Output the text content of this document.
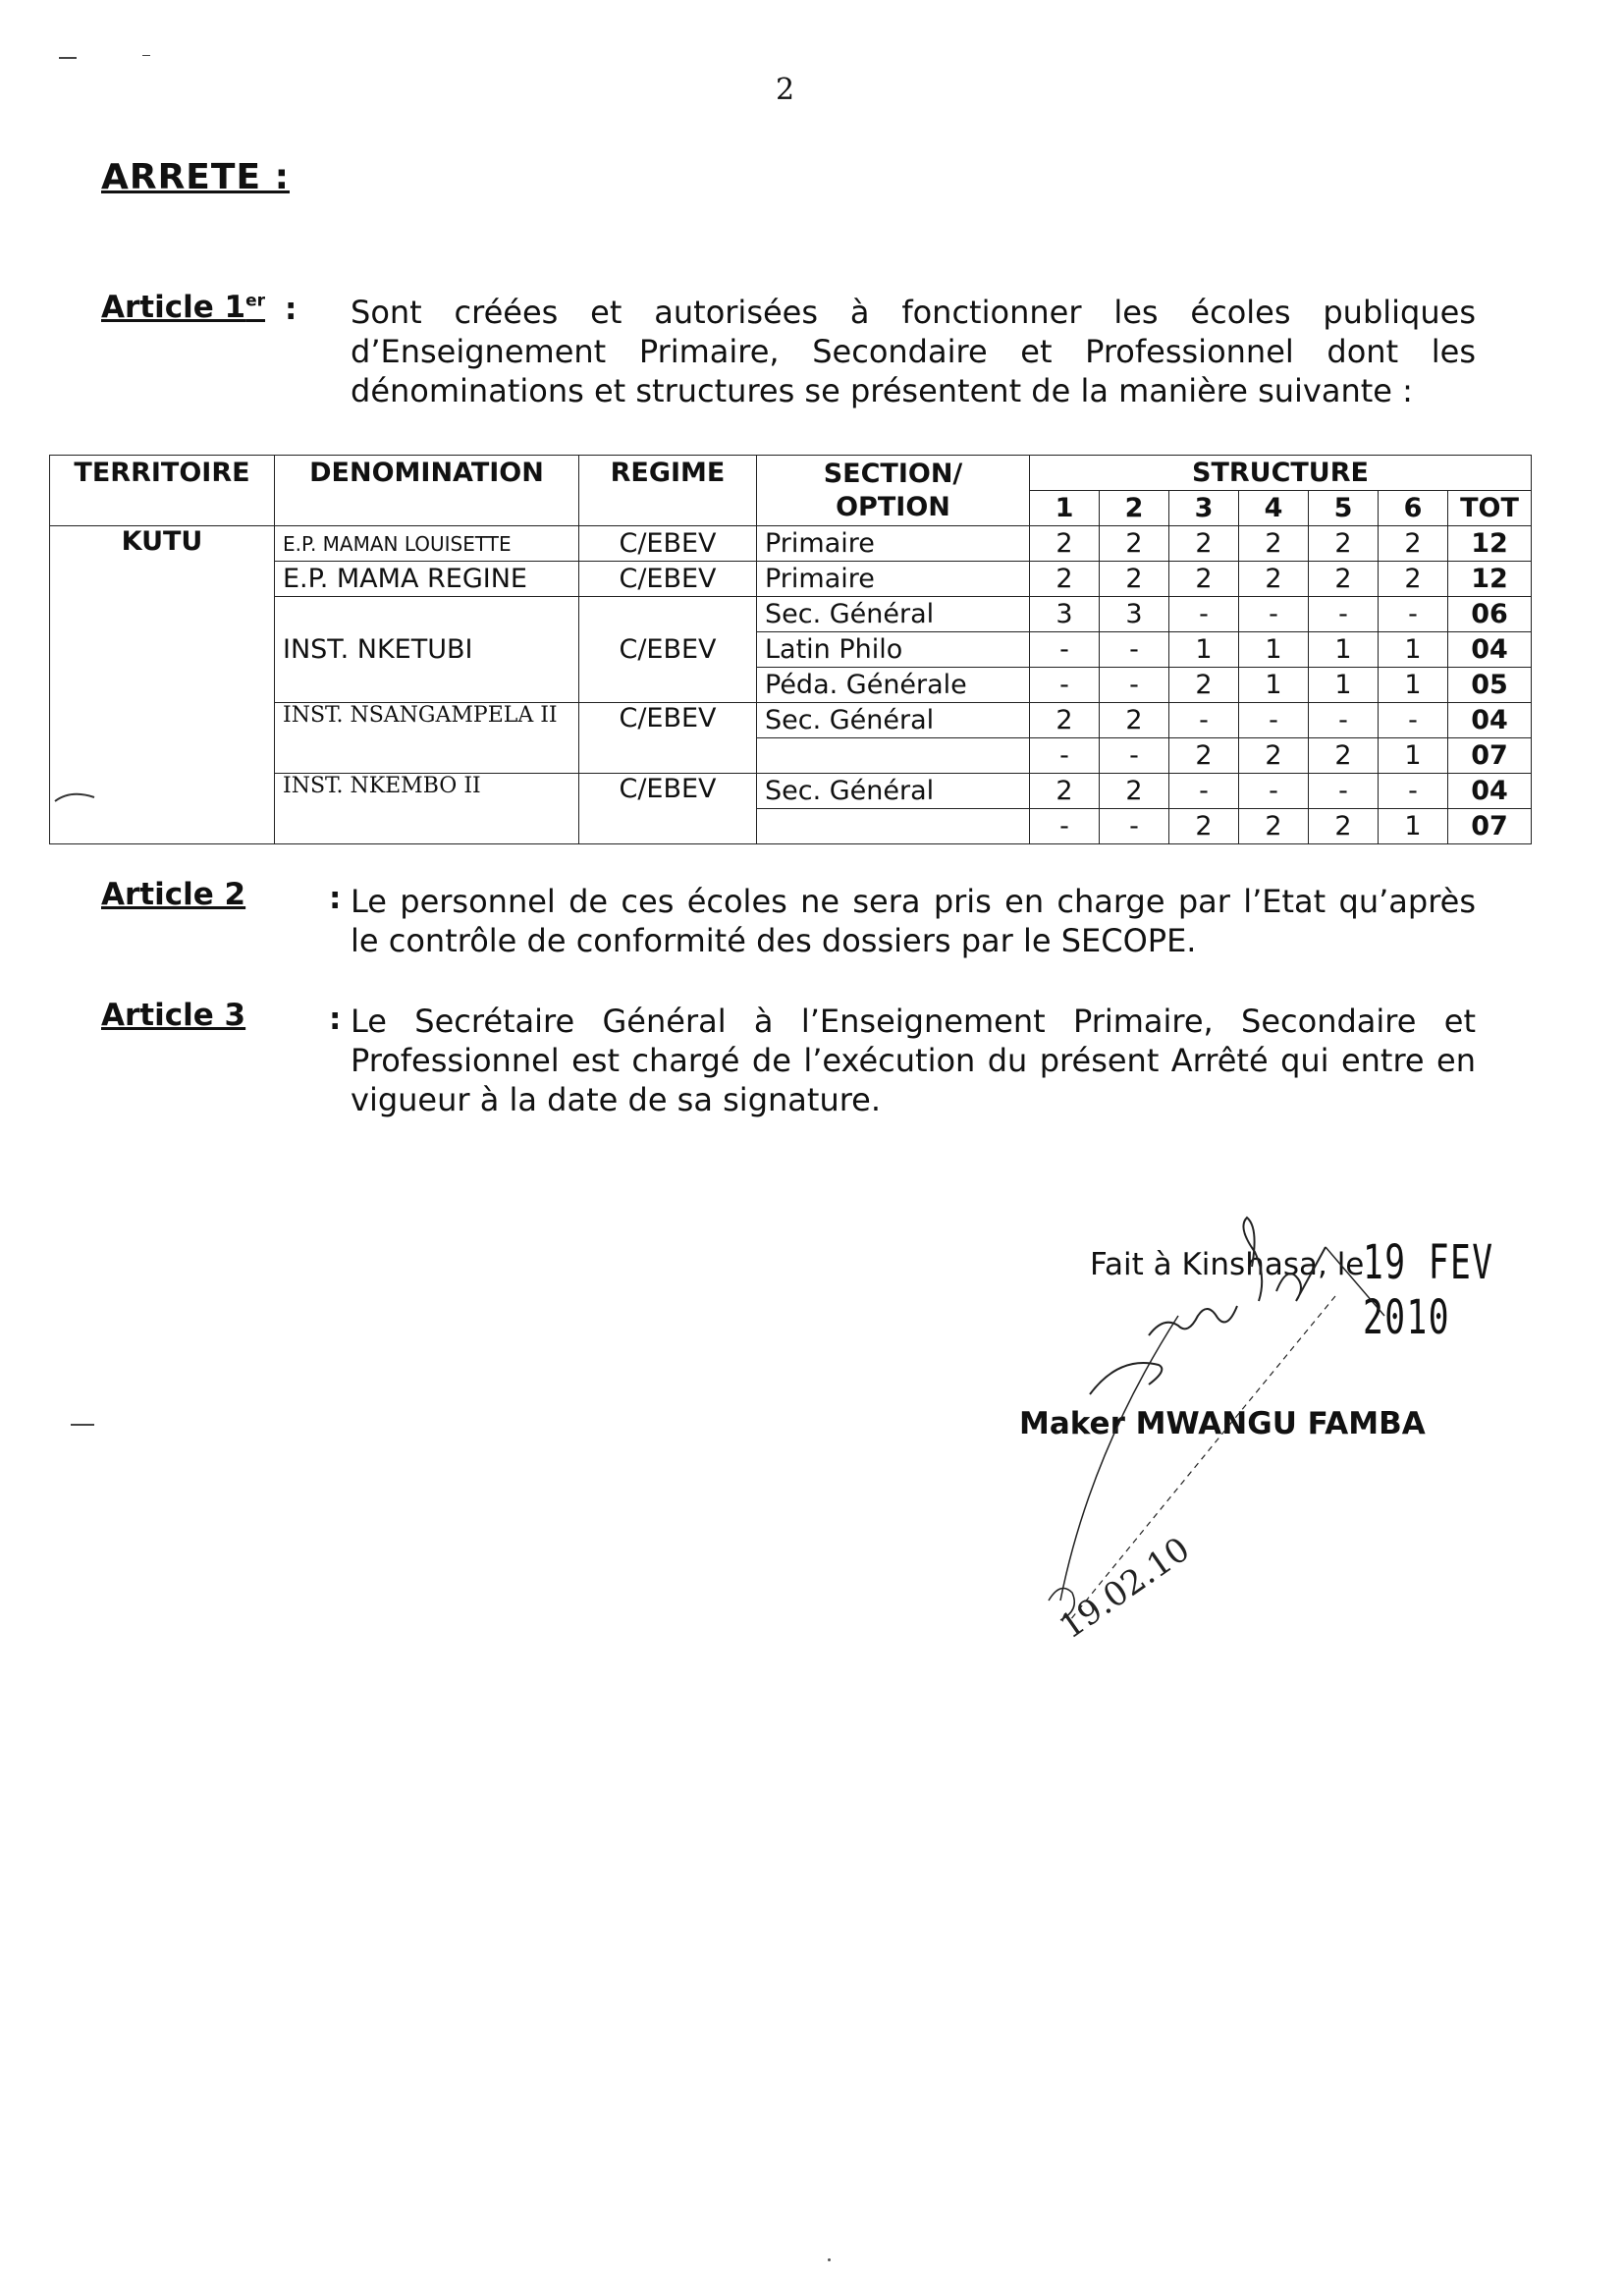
2
ARRETE :
Article 1er : Sont créées et autorisées à fonctionner les écoles publiques d’Enseignement Primaire, Secondaire et Professionnel dont les dénominations et structures se présentent de la manière suivante :
TERRITOIRE	DENOMINATION	REGIME	SECTION/ OPTION	STRUCTURE						
				1	2	3	4	5	6	TOT
KUTU	E.P. MAMAN LOUISETTE	C/EBEV	Primaire	2	2	2	2	2	2	12
	E.P. MAMA REGINE	C/EBEV	Primaire	2	2	2	2	2	2	12
	INST. NKETUBI	C/EBEV	Sec. Général	3	3	-	-	-	-	06
			Latin Philo	-	-	1	1	1	1	04
			Péda. Générale	-	-	2	1	1	1	05
	INST. NSANGAMPELA II	C/EBEV	Sec. Général	2	2	-	-	-	-	04
				-	-	2	2	2	1	07
	INST. NKEMBO II	C/EBEV	Sec. Général	2	2	-	-	-	-	04
				-	-	2	2	2	1	07
Article 2	: Le personnel de ces écoles ne sera pris en charge par l’Etat qu’après le contrôle de conformité des dossiers par le SECOPE.
Article 3	: Le Secrétaire Général à l’Enseignement Primaire, Secondaire et Professionnel est chargé de l’exécution du présent Arrêté qui entre en vigueur à la date de sa signature.
Fait à Kinshasa, le
19 FEV 2010
Maker MWANGU FAMBA
19.02.10
